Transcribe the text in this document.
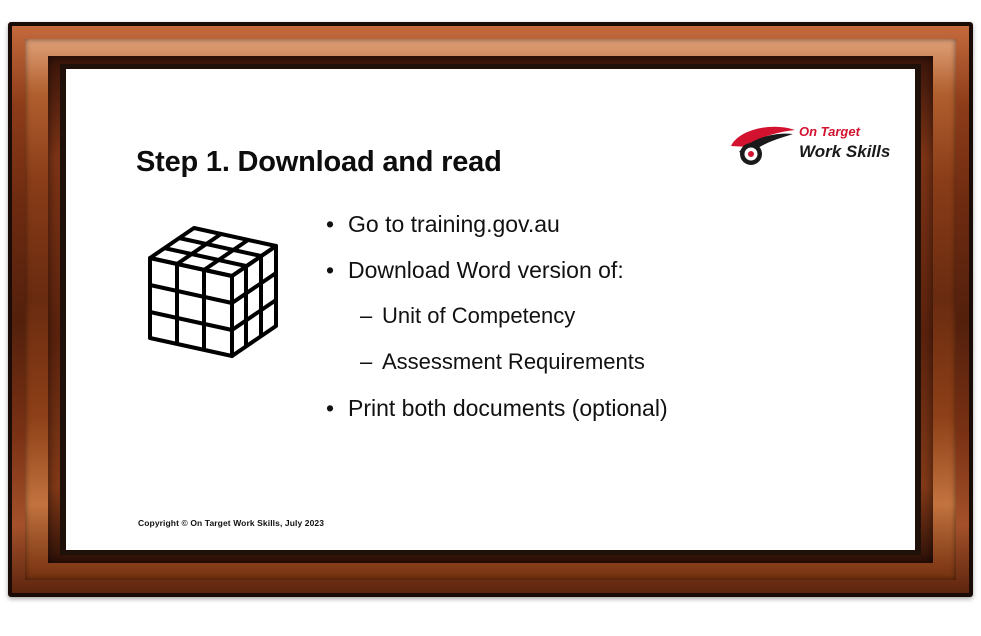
Step 1. Download and read
On Target
Work Skills
• Go to training.gov.au
• Download Word version of:
– Unit of Competency
– Assessment Requirements
• Print both documents (optional)
Copyright © On Target Work Skills, July 2023
